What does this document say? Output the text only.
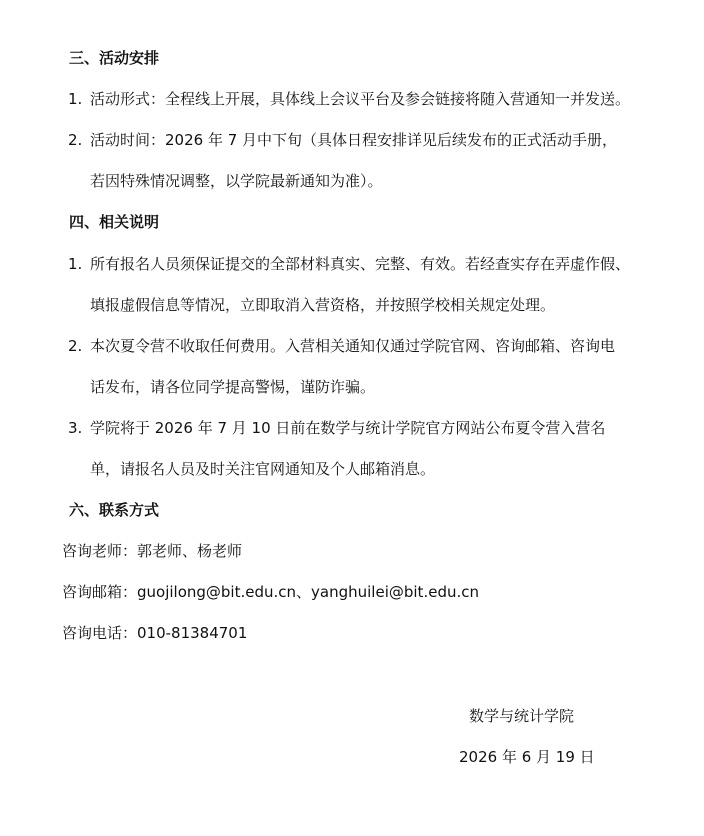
三、活动安排
1. 活动形式：全程线上开展，具体线上会议平台及参会链接将随入营通知一并发送。
2. 活动时间：2026 年 7 月中下旬（具体日程安排详见后续发布的正式活动手册，
若因特殊情况调整，以学院最新通知为准）。
四、相关说明
1. 所有报名人员须保证提交的全部材料真实、完整、有效。若经查实存在弄虚作假、
填报虚假信息等情况，立即取消入营资格，并按照学校相关规定处理。
2. 本次夏令营不收取任何费用。入营相关通知仅通过学院官网、咨询邮箱、咨询电
话发布，请各位同学提高警惕，谨防诈骗。
3. 学院将于 2026 年 7 月 10 日前在数学与统计学院官方网站公布夏令营入营名
单，请报名人员及时关注官网通知及个人邮箱消息。
六、联系方式
咨询老师：郭老师、杨老师
咨询邮箱：guojilong@bit.edu.cn、yanghuilei@bit.edu.cn
咨询电话：010-81384701
数学与统计学院
2026 年 6 月 19 日
